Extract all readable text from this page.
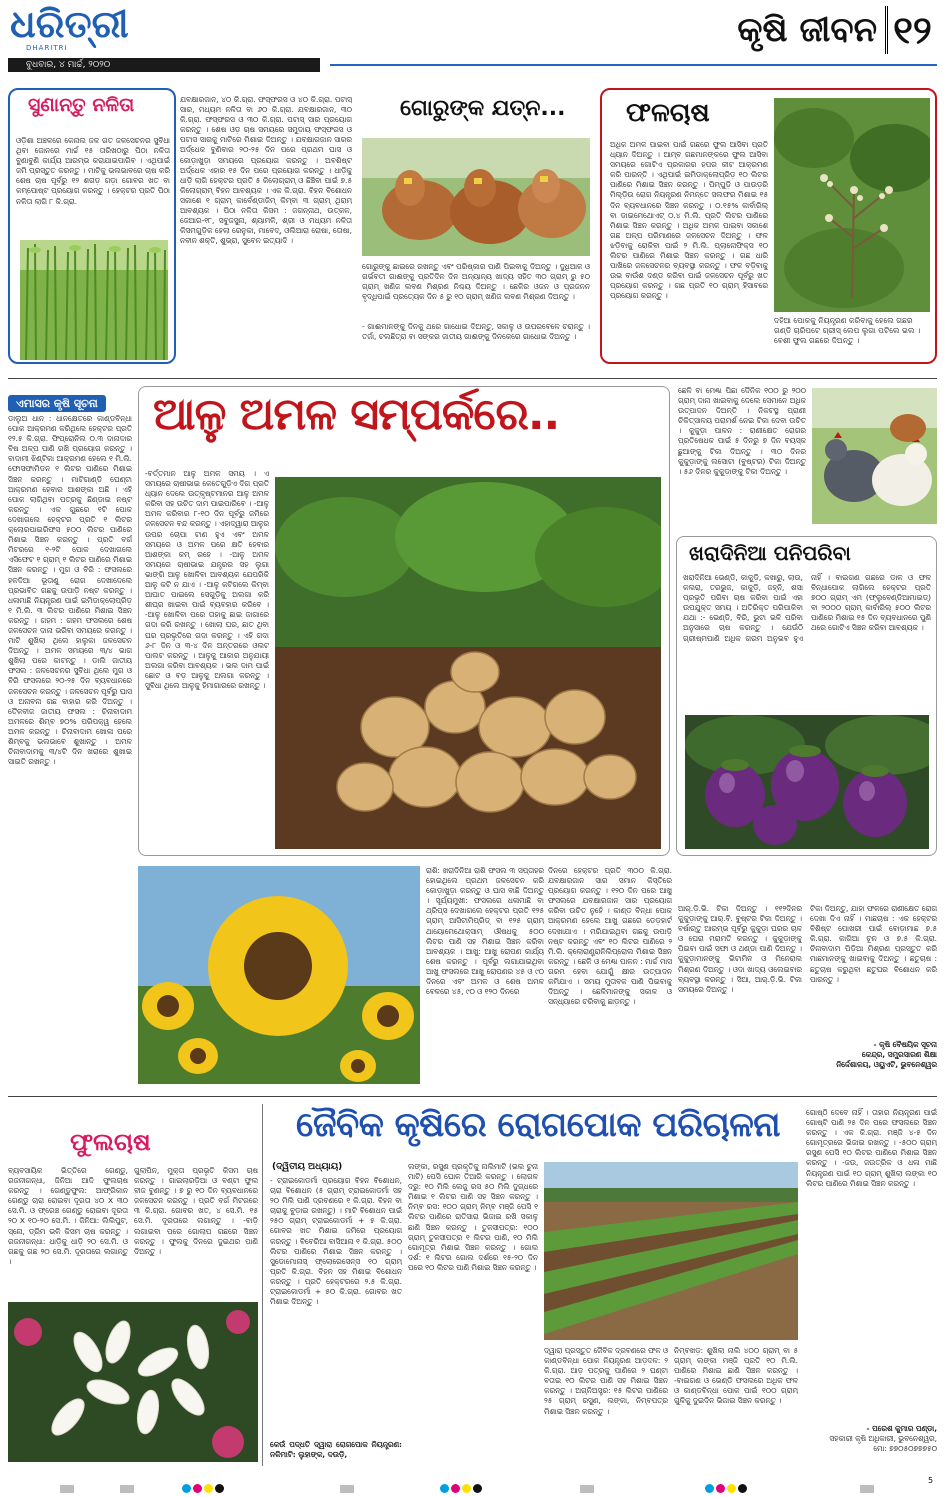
ଧରିତ୍ରୀ
DHARITRI
ବୁଧବାର, ୪ ମାର୍ଚ୍ଚ, ୨୦୨୦
କୃଷି ଜୀବନ ୧୨
ସୁଣାନ୍ତୁ ନଳିତା
ଓଡ଼ିଶା ଅଞ୍ଚଳରେ କେନାଲ ଜଳ ଗତ ଜଳସେଚନର ସୁବିଧା ଥିବା ଜୋନରେ ମାର୍ଚ୍ଚ ୧୫ ତାରିଖଠାରୁ ପିଠା ନଳିତା ବୁଣାବୁଣି କାର୍ଯ୍ୟ ଆରମ୍ଭ କରାଯାଇପାରିବ । ଏଥିପାଇଁ ଜମି ପ୍ରସ୍ତୁତ କରନ୍ତୁ । ମାଟିକୁ ଭଲଭାବରେ ଚାଷ କରି ଶେଷ ଚାଷ ପୂର୍ବରୁ ୧୨ ଶଗଡ଼ ଗଡ଼ା ଗୋବର ଖତ ବା କମ୍ପୋଷ୍ଟ ପ୍ରୟୋଗ କରନ୍ତୁ । ହେକ୍ଟର ପ୍ରତି ପିଠା ନଳିତା ଲାଗି ୮ କି.ଗ୍ରା.
ଯବକ୍ଷାରଜାନ, ୪୦ କି.ଗ୍ରା. ଫସ୍‌ଫରସ ଓ ୪୦ କି.ଗ୍ରା. ପଟାସ୍ ସାର, ମଧ୍ୟମ ନଳିତା ବା ୬୦ କି.ଗ୍ରା. ଯବକ୍ଷାରଜାନ, ୩୦ କି.ଗ୍ରା. ଫସ୍‌ଫରସ ଓ ୩୦ କି.ଗ୍ରା. ପଟାସ୍ ସାର ପ୍ରୟୋଗ କରନ୍ତୁ । ଶେଷ ଓଡ଼ ଚାଷ ସମୟରେ ସମୁଦାୟ ଫସ୍‌ଫରସ ଓ ପଟାସ ସାରକୁ ମାଟିରେ ମିଶାଇ ଦିଅନ୍ତୁ । ଯବକ୍ଷାରଜାନ ସାରର ଅର୍ଦ୍ଧେକ ବୁଣିବାର ୨୦-୨୫ ଦିନ ପରେ ପ୍ରଥମ ଘାସ ଓ କୋଡ଼ାଖୁଡ଼ା ସମୟରେ ପ୍ରୟୋଗ କରନ୍ତୁ । ଅବଶିଷ୍ଟ ଅର୍ଦ୍ଧେକ ଏହାର ୧୫ ଦିନ ପରେ ପ୍ରୟୋଗ କରନ୍ତୁ । ଧାଡ଼ିକୁ ଧାଡ଼ି ଲାଗି ହେକ୍ଟର ପ୍ରତି ୫ କିଲୋଗ୍ରାମ୍ ଓ ଛିଞ୍ଚିବା ପାଇଁ ୭.୫ କିଲୋଗ୍ରାମ୍ ବିହନ ଆବଶ୍ୟକ । ଏକ କି.ଗ୍ରା. ବିହନ ବିଶୋଧନ ସକାଶେ ୧ ଗ୍ରାମ୍ କାର୍ବେଣ୍ଡାଜିମ୍ କିମ୍ବା ୩ ଗ୍ରାମ୍ ଥିରାମ୍ ଆବଶ୍ୟକ । ପିଠା ନଳିତା କିସମ : ଜଗନ୍ନାଥ, ଉତ୍କଳ, ଜେ‌ଆର-୧୮, ସବୁଜସୁନା, ଶ୍ୟାମଳି, ଶ୍ରୀ ଓ ମଧ୍ୟମ ନଳିତା କିସମଗୁଡ଼ିକ ହେଲା ରେନୁକା, ମାବେଦ୍, ଓଲିଆରା ରୋଷା, ତୋଷା, ନବୀନ ଶକ୍ତି, ଶୁଭ୍ରା, ସୁବେନ ଇତ୍ୟାଦି ।
ଗୋରୁଙ୍କ ଯତ୍ନ...
ଗୋରୁଙ୍କୁ ଛାଇରେ ରଖନ୍ତୁ ଏବଂ ପରିଷ୍କାର ପାଣି ପିଇବାକୁ ଦିଅନ୍ତୁ । ଦୁଧିଆଳ ଓ ଗର୍ଭବତୀ ଗାଈଙ୍କୁ ପ୍ରତିଦିନ ଦିନ ଅନ୍ୟାନ୍ୟ ଖାଦ୍ୟ ସହିତ ୩୦ ଗ୍ରାମ୍ ରୁ ୫୦ ଗ୍ରାମ୍ ଖଣିଜ ଲବଣ ମିଶ୍ରଣ ନିଶ୍ଚୟ ଦିଅନ୍ତୁ । ଛେଳିର ଓଜନ ଓ ପ୍ରଜନନ ବୃଦ୍ଧିପାଇଁ ପ୍ରତ୍ୟେକ ଦିନ ୫ ରୁ ୧୦ ଗ୍ରାମ୍ ଖଣିଜ ଲବଣ ମିଶ୍ରଣ ଦିଅନ୍ତୁ ।
- ଗାଈମାନଙ୍କୁ ଦିନକୁ ଥରେ ଗାଧୋଇ ଦିଅନ୍ତୁ, ସକାଳୁ ଓ ଉପରବେଳେ ଚରାନ୍ତୁ । ତର୍ଜା, ଚଲଛିତ୍ରା ବା ସଙ୍କର ଜାତୀୟ ଗାଈଙ୍କୁ ଦିନକେରେ ଗାଧୋଇ ଦିଅନ୍ତୁ ।
ଫଳଚାଷ
ଅଧିକ ଅମଳ ପାଇବା ପାଇଁ ଗଛରେ ଫୁଲ ଆସିବା ପ୍ରତି ଧ୍ୟାନ ଦିଅନ୍ତୁ । ଆମ୍ବ ଗଛମାନଙ୍କରେ ଫୁଲ ଆସିବା ସମୟରେ ଗୋଟିଏ ପ୍ରକାରର ହପର କୀଟ ଆକ୍ରମଣ କରି ପାରନ୍ତି । ଏଥିପାଇଁ ଇମିଡାକ୍ଲୋପ୍ରିଡ଼ ୧୦ ଲିଟର ପାଣିରେ ମିଶାଇ ସିଞ୍ଚନ କରନ୍ତୁ । ପିମ୍ପୁଡ଼ି ଓ ପାଉଡ଼ରି ମିଲ୍ଡ଼ିଉ ରୋଗ ନିୟନ୍ତ୍ରଣ ନିମନ୍ତେ ସଲଫର ମିଶାଇ ୧୫ ଦିନ ବ୍ୟବଧାନରେ ସିଞ୍ଚନ କରନ୍ତୁ । ୦.୧୫% କାର୍ବାରିଲ୍ ବା ଡାଇମେଥୋଏଟ୍ ୦.୪ ମି.ଲି. ପ୍ରତି ଲିଟର ପାଣିରେ ମିଶାଇ ସିଞ୍ଚନ କରନ୍ତୁ । ଅଧିକ ଅମଳ ପାଇବା ସକାଶେ ଗଛ ଅଳ୍ପ ପରିମାଣରେ ଜଳସେଚନ ଦିଅନ୍ତୁ । ଫଳ ଝଡ଼ିବାକୁ ରୋକିବା ପାଇଁ ୨ ମି.ଲି. ପ୍ଲାନୋଫିକ୍ସ ୧୦ ଲିଟର ପାଣିରେ ମିଶାଇ ସିଞ୍ଚନ କରନ୍ତୁ । ଗଛ ଧାରି ପାଖିରେ ଜଳସେଚନର ବ୍ୟବସ୍ଥା କରନ୍ତୁ । ଫଳ ବଡ଼ିବାକୁ ଉଭ ବାଉଁଶ ଦଣ୍ଡ କରିବା ପାଇଁ ଜଳସେଚନ ପୂର୍ବରୁ ଖତ ପ୍ରୟୋଗ କରନ୍ତୁ । ଗଛ ପ୍ରତି ୧୦ ଗ୍ରାମ୍ ହିସାବରେ ପ୍ରୟୋଗ କରନ୍ତୁ ।
ଦହିଆ ପୋକକୁ ନିୟନ୍ତ୍ରଣ କରିବାକୁ ହେଲେ ଗଛର ଗଣ୍ଡି ଚାରିପଟେ ଗ୍ରୀସ୍ ଲେପ ଲୁଗା ପଟିଲେ ଭଲ । ବେଶୀ ଫୁଲ ଗଛରେ ଦିଅନ୍ତୁ ।
ଏମାସର କୃଷି ସୂଚନା
ଡାଲୁଅ ଧାନ : ଧାନକ୍ଷେତରେ କାଣ୍ଡବିନ୍ଧା ପୋକ ଆକ୍ରମଣ କରିଥିଲେ ହେକ୍ଟର ପ୍ରତି ୧୨.୫ କି.ଗ୍ରା. ଫିପ୍ରୋନିଲ ୦.୩ ଦାନାଦାର ବିଷ ଅଳ୍ପ ପାଣି ରଖି ପ୍ରୟୋଗ କରନ୍ତୁ । ବାଦାମୀ ଝିଣ୍ଟିକା ଆକ୍ରମଣ ହେଲେ ୧ ମି.ଲି. ଫୋସଫାମିଡନ ୧ ଲିଟର ପାଣିରେ ମିଶାଇ ସିଞ୍ଚନ କରନ୍ତୁ । ମାଟିଗାଣ୍ଡି ଘେଣ୍ଟା ଆକ୍ରମଣ ହେବାର ଆଶଙ୍କା ଅଛି । ଏହି ପୋକ ଲାଗିଥିବା ପତ୍ରକୁ ଛିଣ୍ଡାଇ ନଷ୍ଟ କରନ୍ତୁ । ଏକ ଗୁଛରେ ୧ଟି ପୋକ ଦେଖାଗଲେ ହେକ୍ଟର ପ୍ରତି ୧ ଲିଟର କ୍ଲୋରପାଇରିଫସ ୫୦୦ ଲିଟର ପାଣିରେ ମିଶାଇ ସିଞ୍ଚନ କରନ୍ତୁ । ପ୍ରତି ବର୍ଗ ମିଟରରେ ୧-୨ଟି ପୋକ ଦେଖାଗଲେ ଏସିଫେଟ ୧ ଗ୍ରାମ୍ ୧ ଲିଟର ପାଣିରେ ମିଶାଇ ସିଞ୍ଚନ କରନ୍ତୁ । ମୁଗ ଓ ବିରି : ଫସଲରେ ହଳଦିଆ ଭୂତାଣୁ ରୋଗ ଦେଖାଦେଲେ ପ୍ରଭାବିତ ଗଛକୁ ଉପାଡ଼ି ନଷ୍ଟ କରନ୍ତୁ । ଧଳାମାଛି ନିୟନ୍ତ୍ରଣ ପାଇଁ ଇମିଡାକ୍ଲୋପ୍ରିଡ଼ ୧ ମି.ଲି. ୩ ଲିଟର ପାଣିରେ ମିଶାଇ ସିଞ୍ଚନ କରନ୍ତୁ । ଗହମ : ଗହମ ଫସଲରେ ଶେଷ ଜଳସେଚନ ଦାନା ଭରିବା ସମୟରେ କରନ୍ତୁ । ମାଟି ଶୁଖିଲା ଥିଲେ ହାଲୁକା ଜଳସେଚନ ଦିଅନ୍ତୁ । ଅମଳ ସମୟରେ ୩/୪ ଭାଗ ଶୁଖିଲା ପରେ କାଟନ୍ତୁ । ଡାଲି ଜାତୀୟ ଫସଲ : ଜଳସେଚନର ସୁବିଧା ଥିଲେ ମୁଗ ଓ ବିରି ଫସଲରେ ୨୦-୨୫ ଦିନ ବ୍ୟବଧାନରେ ଜଳସେଚନ କରନ୍ତୁ । ଜଳସେଚନ ପୂର୍ବରୁ ଘାସ ଓ ଅନାବନା ଗଛ ବାହାର କରି ଦିଅନ୍ତୁ । ତୈଳବୀଜ ଜାତୀୟ ଫସଲ : ଚିନାବାଦାମ ଅମଳରେ ଶିମ୍ବ ୭୦% ପରିପକ୍ୱ ହେଲେ ଅମଳ କରନ୍ତୁ । ଚିନାବାଦାମ ଖୋଳା ପରେ ଶିମ୍ବକୁ ଭଲଭାବେ ଶୁଖାନ୍ତୁ । ଅମଳ ଚିନାବାଦାମକୁ ୩/୪ଟି ଦିନ ଖରାରେ ଶୁଖାଇ ସାଇତି ରଖନ୍ତୁ ।
ଆଳୁ ଅମଳ ସମ୍ପର୍କରେ..
-ବର୍ତ୍ତମାନ ଆଳୁ ଅମଳ ସମୟ । ଏ ସମୟରେ ଚାଷୀଭାଇ କେତେଗୁଡ଼ିଏ ଦିଗ ପ୍ରତି ଧ୍ୟାନ ଦେଲେ ଉତ୍କୃଷ୍ଟମାନର ଆଳୁ ଅମଳ କରିବା ସହ ଉଚିତ ଦାମ ପାଇପାରିବେ । -ଆଳୁ ଅମଳ କରିବାର ୮-୧୦ ଦିନ ପୂର୍ବରୁ ଜମିରେ ଜଳସେଚନ ବନ୍ଦ କରନ୍ତୁ । ଏହାଦ୍ୱାରା ଆଳୁର ଉପର ଚୋପା ଟାଣ ହୁଏ ଏବଂ ଅମଳ ସମୟରେ ଓ ଅମଳ ପରେ କ୍ଷତି ହେବାର ଆଶଙ୍କା କମ୍ ରହେ । -ଆଳୁ ଅମଳ ସମୟରେ ଚାଷୀଭାଇ ଯନ୍ତ୍ରର ସହ ଲୁଗା ଭାଙ୍ଗି ଆଳୁ ଖୋଳିବା ଆବଶ୍ୟକ ଯେପରିକି ଆଳୁ କଟି ନ ଯାଏ । -ଆଳୁ କଟିଗଲେ କିମ୍ବା ଆଘାତ ପାଇଲେ ସେଗୁଡ଼ିକୁ ଅଲଗା କରି ଶୀଘ୍ର ଖାଇବା ପାଇଁ ବ୍ୟବହାର କରିବେ । -ଆଳୁ ଖୋଳିବା ପରେ ତାହାକୁ ଛାଇ ଜାଗାରେ ଗଦା କରି ରଖନ୍ତୁ । ଖୋଲା ଘର, ଛାତ ଥିବା ଘର ପ୍ରଭୃତିରେ ଗଦା କରନ୍ତୁ । ଏହି ଗଦା ୬-୮ ଦିନ ଓ ୩-୪ ଦିନ ଅନ୍ତରରେ ଓଲଟ ପାଲଟ କରନ୍ତୁ । ଆଳୁକୁ ଆକାର ଅନୁଯାୟୀ ଅଲଗା କରିବା ଆବଶ୍ୟକ । ଭଲ ଦାମ ପାଇଁ ଛୋଟ ଓ ବଡ଼ ଆଳୁକୁ ଅଲଗା କରନ୍ତୁ । ସୁବିଧା ଥିଲେ ଆଳୁକୁ ହିମାଗାରରେ ରଖନ୍ତୁ ।
ଛେଳି ବା ମେଣ୍ଢା ପିଛା ଦୈନିକ ୧୦୦ ରୁ ୨୦୦ ଗ୍ରାମ୍ ଦାନା ଖାଇବାକୁ ଦେଲେ ସେମାନେ ଅଧିକ ଉତ୍ପାଦନ ଦିଅନ୍ତି । ନିକଟସ୍ଥ ପ୍ରାଣୀ ଚିକିତ୍ସାଳୟ ପରାମର୍ଶ ନେଇ ଟିକା ଦେବା ଉଚିତ । କୁକୁଡ଼ା ପାଳନ : ରାଣୀକ୍ଷେତ ରୋଗର ପ୍ରତିଷେଧକ ପାଇଁ ୫ ଦିନରୁ ୭ ଦିନ ବୟସ୍କ ଛୁଆଙ୍କୁ ଟିକା ଦିଅନ୍ତୁ । ୩୦ ଦିନର କୁକୁଡ଼ାଙ୍କୁ ଲସୋଟା (ବୁଷ୍ଟର) ଟିକା ଦିଅନ୍ତୁ । ୫୬ ଦିନର କୁକୁଡ଼ାଙ୍କୁ ଟିକା ଦିଅନ୍ତୁ ।
ଖରାଦିନିଆ ପନିପରିବା
ଖରାଦିନିଆ ଭେଣ୍ଡି, କାକୁଡ଼ି, କଖାରୁ, ଲାଉ, କଲରା, ତରଭୁଜ, କାକୁଡ଼ି, ଜହ୍ନି, ଶସା ପ୍ରଭୃତି ପରିବା ଚାଷ କରିବା ପାଇଁ ଏହା ଉପଯୁକ୍ତ ସମୟ । ଅତିରିକ୍ତ ପରିପାକିବା ଯଥା :- ଭେଣ୍ଡି, ବିରି, ଭୁଟା ଭଳି ପରିବା ଅନୁସାରେ ଚାଷ କରନ୍ତୁ । ଯେଉଁଠି ଗ୍ରୀଷ୍ମପାଣି ଅଧିକ ଗରମ ଅନୁଭବ ହୁଏ ନାହିଁ । ବାଇଗଣ ଗଛରେ ଡାଳ ଓ ଫଳ ବିନ୍ଧାପୋକ ଲାଗିଲେ ହେକ୍ଟର ପ୍ରତି ୭୦୦ ଗ୍ରାମ୍ ଏମ (ଫ୍ଲୁବେଣ୍ଡିଆମାଇଡ୍) ବା ୨୦୦୦ ଗ୍ରାମ୍ କାର୍ବାରିଲ୍ ୫୦୦ ଲିଟର ପାଣିରେ ମିଶାଇ ୧୫ ଦିନ ବ୍ୟବଧାନରେ ପୁଣି ଥରେ ଗୋଟିଏ ସିଞ୍ଚନ କରିବା ଆବଶ୍ୟକ ।
ରାଶି: ଖରାଦିନିଆ ରାଶି ଫସଲ ୩ ସପ୍ତାହର ହୋଇଥିଲେ ପ୍ରଥମ ଜଳସେଚନ କରି କୋଡ଼ାଖୁଡ଼ା କରନ୍ତୁ ଓ ଘାସ ବାଛି ଦିଅନ୍ତୁ । ସୂର୍ଯ୍ୟମୁଖୀ: ଫସଲରେ ଧଳାମାଛି ବା ଥ୍ରିପ୍ସ ଦେଖାଗଲେ ହେକ୍ଟର ପ୍ରତି ୧୨୫ ଗ୍ରାମ୍ ଆସିଟାମିପ୍ରିଡ୍ ବା ୧୨୫ ଗ୍ରାମ୍ ଥାୟୋମେଥୋକ୍ସାମ୍ ଔଷଧକୁ ୫୦୦ ଲିଟର ପାଣି ସହ ମିଶାଇ ସିଞ୍ଚନ କରିବା ଆବଶ୍ୟକ । ଆଖୁ: ଆଖୁ ରୋପଣ କାର୍ଯ୍ୟ ଶେଷ କରନ୍ତୁ । ପୂର୍ବରୁ ଲଗାଯାଇଥିବା ଆଖୁ ଫସଲରେ ଆଖୁ ରୋପଣର ୪୫ ଓ ୯୦ ଦିନରେ ଏବଂ ଅମଳ ଓ ଶେଷ ଅମଳ ବେଳରେ ୪୫, ୯୦ ଓ ୧୨୦ ଦିନରେ
ଦିନରେ ହେକ୍ଟର ପ୍ରତି ୩୦୦ କି.ଗ୍ରା. ଯବକ୍ଷାରଜାନ ସାର ସମାନ କିସ୍ତିରେ ପ୍ରୟୋଗ କରନ୍ତୁ । ୧୨୦ ଦିନ ପରେ ଆଖୁ ଫସଲରେ ଯବକ୍ଷାରଜାନ ସାର ପ୍ରୟୋଗ କରିବା ଉଚିତ ନୁହେଁ । କାଣ୍ଡ ବିନ୍ଧା ପୋକ ଆକ୍ରମଣ ହେଲେ ଆଖୁ ଗଛରେ ଡେଡ଼ହାର୍ଟ ଦେଖାଯାଏ । ମରିଯାଇଥିବା ଗଛକୁ ଉପାଡ଼ି ନଷ୍ଟ କରନ୍ତୁ ଏବଂ ୧୦ ଲିଟର ପାଣିରେ ୨ ମି.ଲି. କ୍ଲୋରାଣ୍ଟ୍ରାନିଲିପ୍ରୋଲ ମିଶାଇ ସିଞ୍ଚନ କରନ୍ତୁ । ଛେଳି ଓ ମେଣ୍ଢା ପାଳନ : ମାର୍ଚ୍ଚ ମାସ ଗରମ ହେବା ଯୋଗୁଁ କ୍ଷୀର ଉତ୍ପାଦନ କମିଯାଏ । ସମୟ ମୁତାବକ ପାଣି ପିଇବାକୁ ଦିଅନ୍ତୁ । ଛେଳିମାନଙ୍କୁ ସକାଳ ଓ ସନ୍ଧ୍ୟାରେ ଚରିବାକୁ ଛାଡ଼ନ୍ତୁ ।
ଆର୍.ଡ଼ି.ଭି. ଟିକା ଦିଅନ୍ତୁ । ୧୧୨ଦିନର କୁକୁଡ଼ାଙ୍କୁ ଆର୍.ବି. ବୁଷ୍ଟର ଟିକା ଦିଅନ୍ତୁ । ବର୍ଷାଋତୁ ଆରମ୍ଭ ପୂର୍ବରୁ କୁକୁଡ଼ା ଘରର ଚାଳ ଓ ଘେରା ମରାମତି କରନ୍ତୁ । କୁକୁଡ଼ାଙ୍କୁ ପିଇବା ପାଇଁ ସଫା ଓ ଥଣ୍ଡା ପାଣି ଦିଅନ୍ତୁ । କୁକୁଡ଼ାମାନଙ୍କୁ ଭିଟାମିନ ଓ ମିନେରାଲ ମିଶ୍ରଣ ଦିଅନ୍ତୁ । ଓଦା ଖାଦ୍ୟ ଓଲେଇବାର ବ୍ୟବସ୍ଥା କରନ୍ତୁ । ସିଆ, ଆର୍.ଡ଼ି.ଭି. ଟିକା ସମୟରେ ଦିଅନ୍ତୁ ।
ଟିକା ଦିଅନ୍ତୁ, ଯାହା ଫଳରେ ରାଣୀକ୍ଷେତ ରୋଗ ଦେଖା ଦିଏ ନାହିଁ । ମାଛଚାଷ : ଏକ ହେକ୍ଟର ବିଶିଷ୍ଟ ପୋଖରୀ ପାଇଁ ବୋଡ଼ାମାଛ ୭.୫ କି.ଗ୍ରା. କାଗିଆ ଚୂନ ଓ ୭.୫ କି.ଗ୍ରା. ଚିନାବାଦାମ ପିଡ଼ିଆ ମିଶ୍ରଣ ପ୍ରସ୍ତୁତ କରି ମାଛମାନଙ୍କୁ ଖାଇବାକୁ ଦିଅନ୍ତୁ । ଛତୁଚାଷ : ଛତୁଚାଷ କରୁଥିବା ଛତୁଘର ବିଶୋଧନ କରି ପାରନ୍ତୁ ।
- କୃଷି ବୈଷୟିକ ସୂଚନା
କେନ୍ଦ୍ର, ସମ୍ପ୍ରସାରଣ ଶିକ୍ଷା
ନିର୍ଦ୍ଦେଶାଳୟ, ଓୟୁଏଟି, ଭୁବନେଶ୍ୱର
ଫୁଲଚାଷ
ବ୍ୟବସାୟିକ ଭିତ୍ତିରେ ଗେଣ୍ଡୁ, ରଜନୀଗନ୍ଧା, ଜିନିଆ ଆଦି ଫୁଲଚାଷ କରନ୍ତୁ । ଗେଣ୍ଡୁଫୁଲ: ଆଫ୍ରିକାନ ଗେଣ୍ଡୁ ଚାରା ରୋଇବା ଦୂରତା ୪୦ X ୩୦ ସେ.ମି. ଓ ଫ୍ରେଞ୍ଚ ଗେଣ୍ଡୁ ରୋଇବା ଦୂରତା ୨୦ X ୧୦-୨୦ ସେ.ମି. । ଜିନିଆ: ଲିଲିପୁଟ, ସ୍ନୋ, ଡ୍ରିମ ଭଳି କିସମ ଚାଷ କରନ୍ତୁ । ରଜନୀଗନ୍ଧା: ଧାଡ଼ିକୁ ଧାଡ଼ି ୨୦ ସେ.ମି. ଓ ଗଛକୁ ଗଛ ୨୦ ସେ.ମି. ଦୂରତାରେ ଲଗାନ୍ତୁ ।
ଗୁଲାପିନ, ମୁକ୍ତା ପ୍ରଭୃତି କିସମ ଚାଷ କରନ୍ତୁ । ଗାଇଲାରଡ଼ିଆ ଓ ବଣ୍ଟା ଫୁଲ ବୀଜ ବୁଣନ୍ତୁ । ୭ ରୁ ୧୦ ଦିନ ବ୍ୟବଧାନରେ ଜଳସେଚନ କରନ୍ତୁ । ପ୍ରତି ବର୍ଗ ମିଟରରେ ୩ କି.ଗ୍ରା. ଗୋବର ଖତ, ୪ ସେ.ମି. ୧୫ ସେ.ମି. ଦୂରତାରେ ଲଗାନ୍ତୁ । -ବାଡ଼ି ଲଗାଇବା ପରେ ଗୋଲାପ ଗଛରେ ସିଞ୍ଚନ କରନ୍ତୁ । ଫୁଲକୁ ଦିନରେ ଦୁଇଥର ପାଣି ଦିଅନ୍ତୁ ।
ଜୈବିକ କୃଷିରେ ରୋଗପୋକ ପରିଚାଳନା
(ଦ୍ୱିତୀୟ ଅଧ୍ୟାୟ)
- ଟ୍ରାଇକୋଡର୍ମା ପ୍ରୟୋଗ ବିହନ ବିଶୋଧନ, ଚାରା ବିଶୋଧନ (୫ ଗ୍ରାମ୍ ଟ୍ରାଇକୋଡର୍ମା ସହ ୨୦ ମିଲି ପାଣି ଦ୍ରବଣରେ ୧ କି.ଗ୍ରା. ବିହନ ବା ଚାରାକୁ ବୁଡ଼ାଇ ରଖନ୍ତୁ) । ମାଟି ବିଶୋଧନ ପାଇଁ ୨୫୦ ଗ୍ରାମ୍ ଟ୍ରାଇକୋଡର୍ମା + ୫ କି.ଗ୍ରା. ଗୋବର ଖତ ମିଶାଇ ଜମିରେ ପ୍ରୟୋଗ କରନ୍ତୁ । ବିବେରିଆ ବାସିଆନା ୧ କି.ଗ୍ରା. ୫୦୦ ଲିଟର ପାଣିରେ ମିଶାଇ ସିଞ୍ଚନ କରନ୍ତୁ । ସୁଡୋମୋନାସ୍ ଫ୍ଲୋରେସେନ୍ସ ୧୦ ଗ୍ରାମ୍ ପ୍ରତି କି.ଗ୍ରା. ବିହନ ସହ ମିଶାଇ ବିଶୋଧନ କରନ୍ତୁ । ପ୍ରତି ହେକ୍ଟରରେ ୨.୫ କି.ଗ୍ରା. ଟ୍ରାଇକୋଡର୍ମା + ୫୦ କି.ଗ୍ରା. ଗୋବର ଖତ ମିଶାଇ ଦିଅନ୍ତୁ ।
କେଉଁ ପଦ୍ଧତି ଦ୍ୱାରା ରୋଗପୋକ ନିୟନ୍ତ୍ରଣ: ନଳିମାଟି: ଲୁହାଙ୍କ, ଦଉଡ଼ି,
ଲଙ୍କା, ରସୁଣ ପ୍ରକୃତିକୁ ନାଲିମାଟି (ଭଲ ଚୁନା ମାଟି) ପେସି ଘୋଳ ତିଆରି କରନ୍ତୁ । ଲୋଗଳ ଦରୁ: ୧୦ ମିଲି ଲେଜୁ ରସ ୫୦ ମିଲି ଦୁଗ୍ଧରେ ମିଶାଇ ୧ ଲିଟର ପାଣି ସହ ସିଞ୍ଚନ କରନ୍ତୁ । ନିମ୍ବ ରସ: ୧୦୦ ଗ୍ରାମ୍ ନିମ୍ବ ମଞ୍ଜି ପେସି ୧ ଲିଟର ପାଣିରେ ରାତିସାରା ଭିଜାଇ ରଖି ସକାଳୁ ଛାଣି ସିଞ୍ଚନ କରନ୍ତୁ । ତୁଳସୀପତ୍ର: ୧୦୦ ଗ୍ରାମ୍ ତୁଳସୀପତ୍ର ୧ ଲିଟର ପାଣି, ୧୦ ମିଲି ଗୋମୂତ୍ର ମିଶାଇ ସିଞ୍ଚନ କରନ୍ତୁ । ଗୋଲ ଦର୍ଶ: ୧ ଲିଟର ଗୋଲ ଦର୍ଶରେ ୧୫-୨୦ ଦିନ ପରେ ୧୦ ଲିଟର ପାଣି ମିଶାଇ ସିଞ୍ଚନ କରନ୍ତୁ ।
ଦ୍ୱାରା ପ୍ରସ୍ତୁତ ଜୈବିକ ଦ୍ରବଣରେ ଫଳ ଓ କାଣ୍ଡବିନ୍ଧା ପୋକ ନିୟନ୍ତ୍ରଣ ଆଡ଼ଦଳ: ୨ କି.ଗ୍ରା. ଆଡ଼ ପତ୍ରକୁ ପାଣିରେ ୨ ଘଣ୍ଟା ବତାଇ ୧୦ ଲିଟର ପାଣି ସହ ମିଶାଇ ସିଞ୍ଚନ କରନ୍ତୁ । ଅଗ୍ନିଅସ୍ତ୍ର: ୧୫ ଲିଟର ପାଣିରେ ୨୫ ଗ୍ରାମ୍ ରସୁଣ, ଲଙ୍କା, ନିମ୍ବପତ୍ର ମିଶାଇ ସିଞ୍ଚନ କରନ୍ତୁ ।
ନିମ୍ବଖଡ଼: ଶୁଖିଲା ନାଲି ୪୦୦ ଗ୍ରାମ୍ ବା ୫ ଗ୍ରାମ୍ ଲଙ୍କା ମଞ୍ଜି ପ୍ରତି ୧୦ ମି.ଲି. ପାଣିରେ ମିଶାଇ ଛାଣି ସିଞ୍ଚନ କରନ୍ତୁ । -ବାଇଗଣ ଓ ଭେଣ୍ଡି ଫସଲରେ ଅଧିକ ଫଳ ଓ କାଣ୍ଡବିନ୍ଧା ପୋକ ପାଇଁ ୧୦୦ ଗ୍ରାମ୍ ଗୁଳିକୁ ଦୁଇଦିନ ଭିଜାଇ ସିଞ୍ଚନ କରନ୍ତୁ ।
ଗୋଷ୍ଠି ଦେବେ ନାହିଁ । ତାହାର ନିୟନ୍ତ୍ରଣ ପାଇଁ ଗୋଷ୍ଟି ପାଣି ୨୫ ଦିନ ପରେ ଫସଲରେ ସିଞ୍ଚନ କରନ୍ତୁ । ଏକ କି.ଗ୍ରା. ମଞ୍ଜି ୪-୫ ଦିନ ଗୋମୂତ୍ରରେ ଭିଜାଇ ରଖନ୍ତୁ । -୫୦୦ ଗ୍ରାମ୍ ରସୁଣ ପେସି ୧୦ ଲିଟର ପାଣିରେ ମିଶାଇ ସିଞ୍ଚନ କରନ୍ତୁ । -ଜଉ, ଜଉତ୍ରିକ ଓ ଧଳା ମାଛି ନିୟନ୍ତ୍ରଣ ପାଇଁ ୧୦ ଗ୍ରାମ୍ ଶୁଖିଲା ଲଙ୍କା ୧୦ ଲିଟର ପାଣିରେ ମିଶାଇ ସିଞ୍ଚନ କରନ୍ତୁ ।
- ପରେଶ କୁମାର ପଣ୍ଡା,
ସହକାରୀ କୃଷି ଅଧିକାରୀ, ଭୁବନେଶ୍ୱର,
ମୋ: ୭୭୦୫୦୭୭୭୫୦
5
